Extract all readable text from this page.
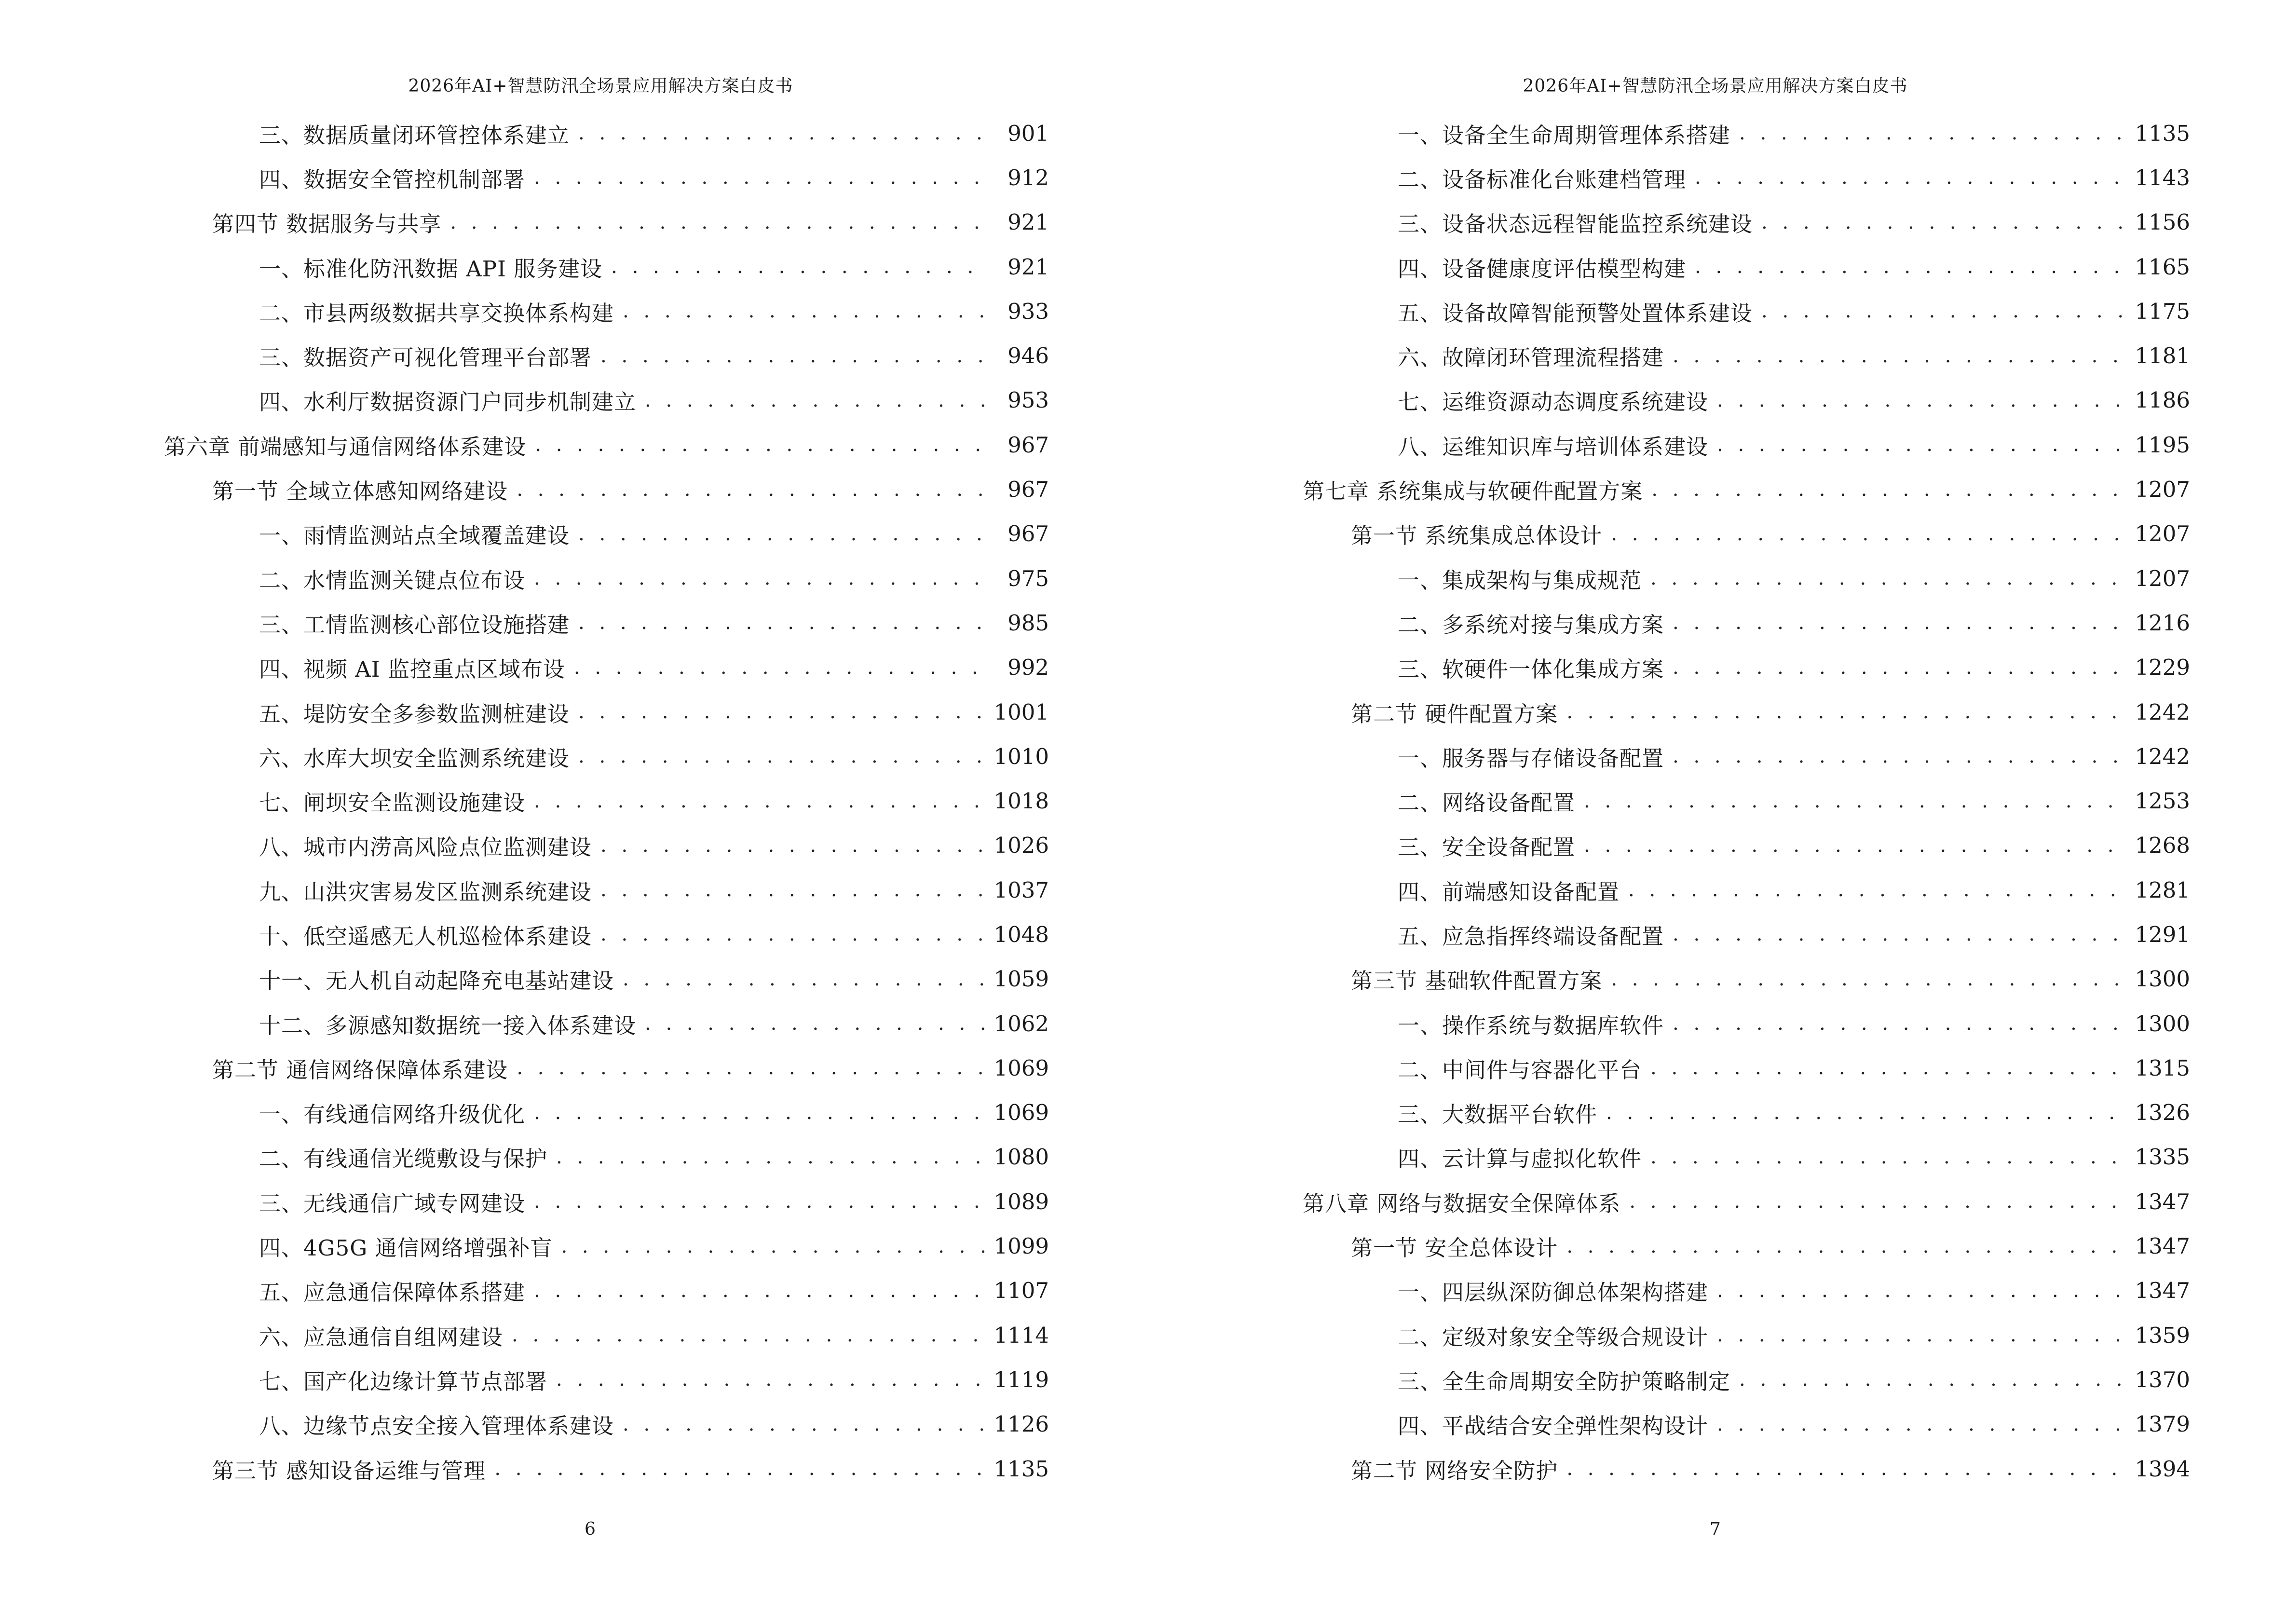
2026年AI+智慧防汛全场景应用解决方案白皮书
三、数据质量闭环管控体系建立 . . .	901
四、数据安全管控机制部署 . . .	912
第四节 数据服务与共享 . . .	921
一、标准化防汛数据 API 服务建设 . . .	921
二、市县两级数据共享交换体系构建 . . .	933
三、数据资产可视化管理平台部署 . . .	946
四、水利厅数据资源门户同步机制建立 . . .	953
第六章 前端感知与通信网络体系建设 . . .	967
第一节 全域立体感知网络建设 . . .	967
一、雨情监测站点全域覆盖建设 . . .	967
二、水情监测关键点位布设 . . .	975
三、工情监测核心部位设施搭建 . . .	985
四、视频 AI 监控重点区域布设 . . .	992
五、堤防安全多参数监测桩建设 . . .	1001
六、水库大坝安全监测系统建设 . . .	1010
七、闸坝安全监测设施建设 . . .	1018
八、城市内涝高风险点位监测建设 . . .	1026
九、山洪灾害易发区监测系统建设 . . .	1037
十、低空遥感无人机巡检体系建设 . . .	1048
十一、无人机自动起降充电基站建设 . . .	1059
十二、多源感知数据统一接入体系建设 . . .	1062
第二节 通信网络保障体系建设 . . .	1069
一、有线通信网络升级优化 . . .	1069
二、有线通信光缆敷设与保护 . . .	1080
三、无线通信广域专网建设 . . .	1089
四、4G5G 通信网络增强补盲 . . .	1099
五、应急通信保障体系搭建 . . .	1107
六、应急通信自组网建设 . . .	1114
七、国产化边缘计算节点部署 . . .	1119
八、边缘节点安全接入管理体系建设 . . .	1126
第三节 感知设备运维与管理 . . .	1135
6
2026年AI+智慧防汛全场景应用解决方案白皮书
一、设备全生命周期管理体系搭建 . . .	1135
二、设备标准化台账建档管理 . . .	1143
三、设备状态远程智能监控系统建设 . . .	1156
四、设备健康度评估模型构建 . . .	1165
五、设备故障智能预警处置体系建设 . . .	1175
六、故障闭环管理流程搭建 . . .	1181
七、运维资源动态调度系统建设 . . .	1186
八、运维知识库与培训体系建设 . . .	1195
第七章 系统集成与软硬件配置方案 . . .	1207
第一节 系统集成总体设计 . . .	1207
一、集成架构与集成规范 . . .	1207
二、多系统对接与集成方案 . . .	1216
三、软硬件一体化集成方案 . . .	1229
第二节 硬件配置方案 . . .	1242
一、服务器与存储设备配置 . . .	1242
二、网络设备配置 . . .	1253
三、安全设备配置 . . .	1268
四、前端感知设备配置 . . .	1281
五、应急指挥终端设备配置 . . .	1291
第三节 基础软件配置方案 . . .	1300
一、操作系统与数据库软件 . . .	1300
二、中间件与容器化平台 . . .	1315
三、大数据平台软件 . . .	1326
四、云计算与虚拟化软件 . . .	1335
第八章 网络与数据安全保障体系 . . .	1347
第一节 安全总体设计 . . .	1347
一、四层纵深防御总体架构搭建 . . .	1347
二、定级对象安全等级合规设计 . . .	1359
三、全生命周期安全防护策略制定 . . .	1370
四、平战结合安全弹性架构设计 . . .	1379
第二节 网络安全防护 . . .	1394
7
